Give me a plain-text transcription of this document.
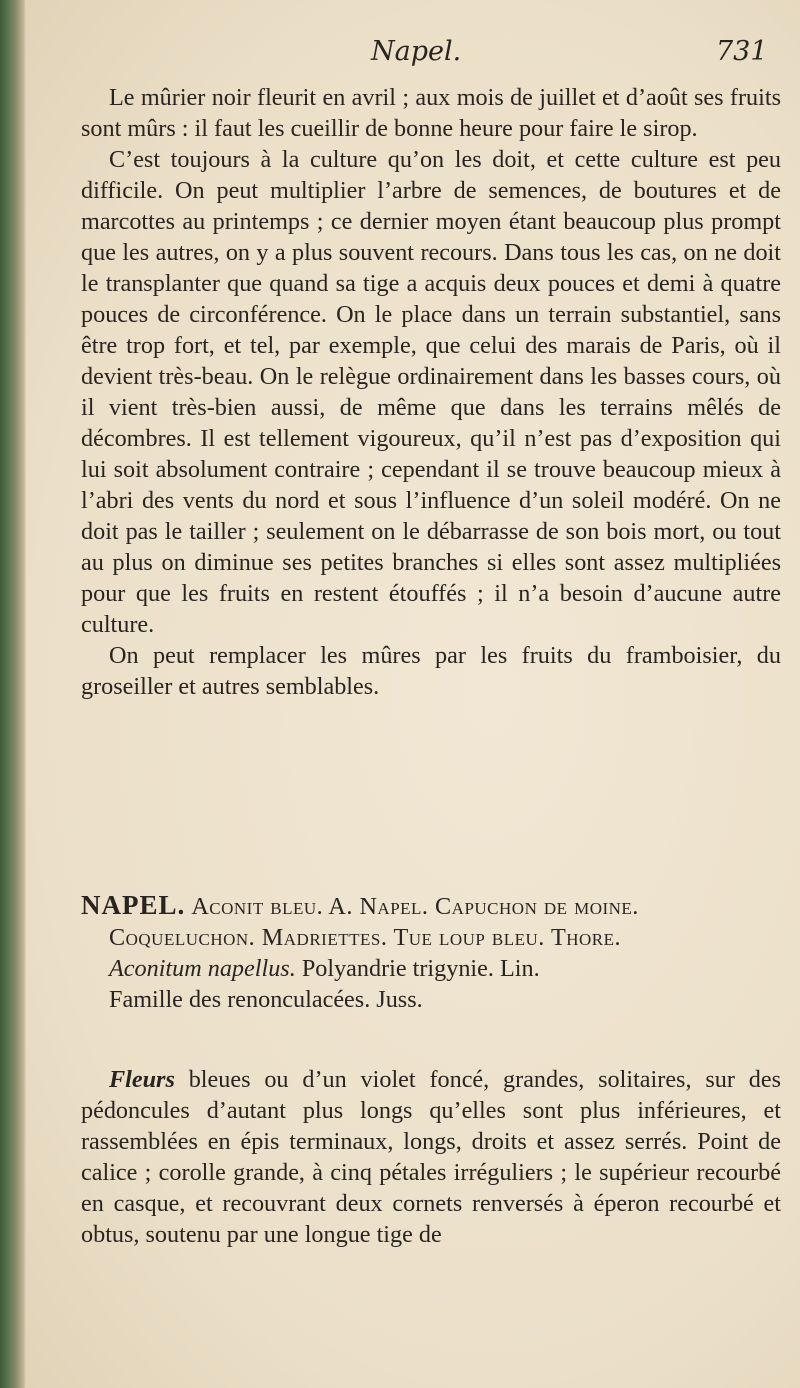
Napel.	731

Le mûrier noir fleurit en avril ; aux mois de juillet et d’août ses fruits sont mûrs : il faut les cueillir de bonne heure pour faire le sirop.

C’est toujours à la culture qu’on les doit, et cette culture est peu difficile. On peut multiplier l’arbre de semences, de boutures et de marcottes au printemps ; ce dernier moyen étant beaucoup plus prompt que les autres, on y a plus souvent recours. Dans tous les cas, on ne doit le transplanter que quand sa tige a acquis deux pouces et demi à quatre pouces de circonférence. On le place dans un terrain substantiel, sans être trop fort, et tel, par exemple, que celui des marais de Paris, où il devient très-beau. On le relègue ordinairement dans les basses cours, où il vient très-bien aussi, de même que dans les terrains mêlés de décombres. Il est tellement vigoureux, qu’il n’est pas d’exposition qui lui soit absolument contraire ; cependant il se trouve beaucoup mieux à l’abri des vents du nord et sous l’influence d’un soleil modéré. On ne doit pas le tailler ; seulement on le débarrasse de son bois mort, ou tout au plus on diminue ses petites branches si elles sont assez multipliées pour que les fruits en restent étouffés ; il n’a besoin d’aucune autre culture.

On peut remplacer les mûres par les fruits du framboisier, du groseiller et autres semblables.

NAPEL. Aconit bleu. A. Napel. Capuchon de moine.

Coqueluchon. Madriettes. Tue loup bleu. Thore.

Aconitum napellus. Polyandrie trigynie. Lin.

Famille des renonculacées. Juss.

Fleurs bleues ou d’un violet foncé, grandes, solitaires, sur des pédoncules d’autant plus longs qu’elles sont plus inférieures, et rassemblées en épis terminaux, longs, droits et assez serrés. Point de calice ; corolle grande, à cinq pétales irréguliers ; le supérieur recourbé en casque, et recouvrant deux cornets renversés à éperon recourbé et obtus, soutenu par une longue tige de
